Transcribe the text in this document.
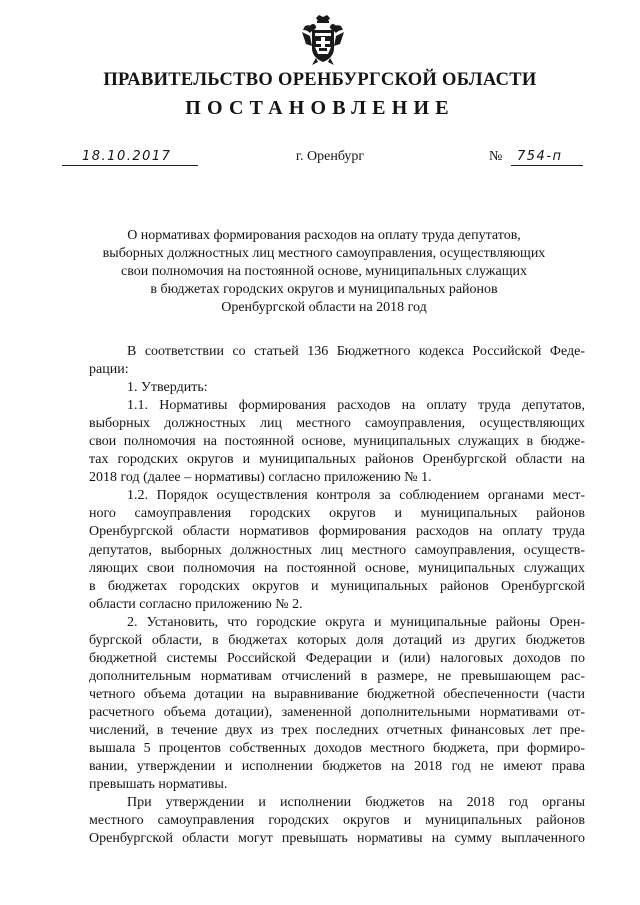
ПРАВИТЕЛЬСТВО ОРЕНБУРГСКОЙ ОБЛАСТИ
ПОСТАНОВЛЕНИЕ
18.10.2017	г. Оренбург	№	754-п
О нормативах формирования расходов на оплату труда депутатов,
выборных должностных лиц местного самоуправления, осуществляющих
свои полномочия на постоянной основе, муниципальных служащих
в бюджетах городских округов и муниципальных районов
Оренбургской области на 2018 год
В соответствии со статьей 136 Бюджетного кодекса Российской Феде-
рации:
1. Утвердить:
1.1. Нормативы формирования расходов на оплату труда депутатов,
выборных должностных лиц местного самоуправления, осуществляющих
свои полномочия на постоянной основе, муниципальных служащих в бюдже-
тах городских округов и муниципальных районов Оренбургской области на
2018 год (далее – нормативы) согласно приложению № 1.
1.2. Порядок осуществления контроля за соблюдением органами мест-
ного самоуправления городских округов и муниципальных районов
Оренбургской области нормативов формирования расходов на оплату труда
депутатов, выборных должностных лиц местного самоуправления, осуществ-
ляющих свои полномочия на постоянной основе, муниципальных служащих
в бюджетах городских округов и муниципальных районов Оренбургской
области согласно приложению № 2.
2. Установить, что городские округа и муниципальные районы Орен-
бургской области, в бюджетах которых доля дотаций из других бюджетов
бюджетной системы Российской Федерации и (или) налоговых доходов по
дополнительным нормативам отчислений в размере, не превышающем рас-
четного объема дотации на выравнивание бюджетной обеспеченности (части
расчетного объема дотации), замененной дополнительными нормативами от-
числений, в течение двух из трех последних отчетных финансовых лет пре-
вышала 5 процентов собственных доходов местного бюджета, при формиро-
вании, утверждении и исполнении бюджетов на 2018 год не имеют права
превышать нормативы.
При утверждении и исполнении бюджетов на 2018 год органы
местного самоуправления городских округов и муниципальных районов
Оренбургской области могут превышать нормативы на сумму выплаченного
